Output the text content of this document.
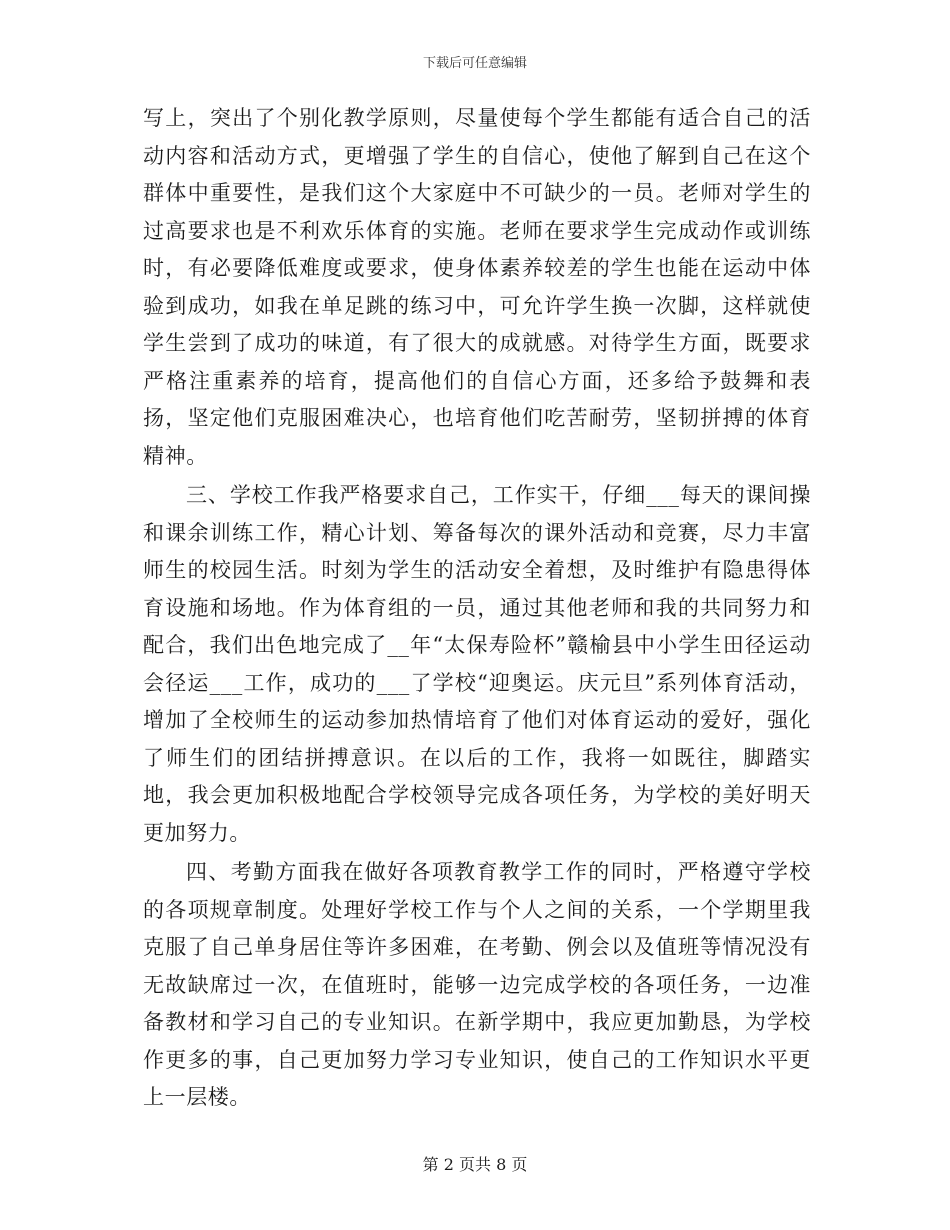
下载后可任意编辑

写上，突出了个别化教学原则，尽量使每个学生都能有适合自己的活动内容和活动方式，更增强了学生的自信心，使他了解到自己在这个群体中重要性，是我们这个大家庭中不可缺少的一员。老师对学生的过高要求也是不利欢乐体育的实施。老师在要求学生完成动作或训练时，有必要降低难度或要求，使身体素养较差的学生也能在运动中体验到成功，如我在单足跳的练习中，可允许学生换一次脚，这样就使学生尝到了成功的味道，有了很大的成就感。对待学生方面，既要求严格注重素养的培育，提高他们的自信心方面，还多给予鼓舞和表扬，坚定他们克服困难决心，也培育他们吃苦耐劳，坚韧拼搏的体育精神。

三、学校工作我严格要求自己，工作实干，仔细___每天的课间操和课余训练工作，精心计划、筹备每次的课外活动和竞赛，尽力丰富师生的校园生活。时刻为学生的活动安全着想，及时维护有隐患得体育设施和场地。作为体育组的一员，通过其他老师和我的共同努力和配合，我们出色地完成了__年“太保寿险杯”赣榆县中小学生田径运动会径运___工作，成功的___了学校“迎奥运。庆元旦”系列体育活动，增加了全校师生的运动参加热情培育了他们对体育运动的爱好，强化了师生们的团结拼搏意识。在以后的工作，我将一如既往，脚踏实地，我会更加积极地配合学校领导完成各项任务，为学校的美好明天更加努力。

四、考勤方面我在做好各项教育教学工作的同时，严格遵守学校的各项规章制度。处理好学校工作与个人之间的关系，一个学期里我克服了自己单身居住等许多困难，在考勤、例会以及值班等情况没有无故缺席过一次，在值班时，能够一边完成学校的各项任务，一边准备教材和学习自己的专业知识。在新学期中，我应更加勤恳，为学校作更多的事，自己更加努力学习专业知识，使自己的工作知识水平更上一层楼。

第 2 页共 8 页
